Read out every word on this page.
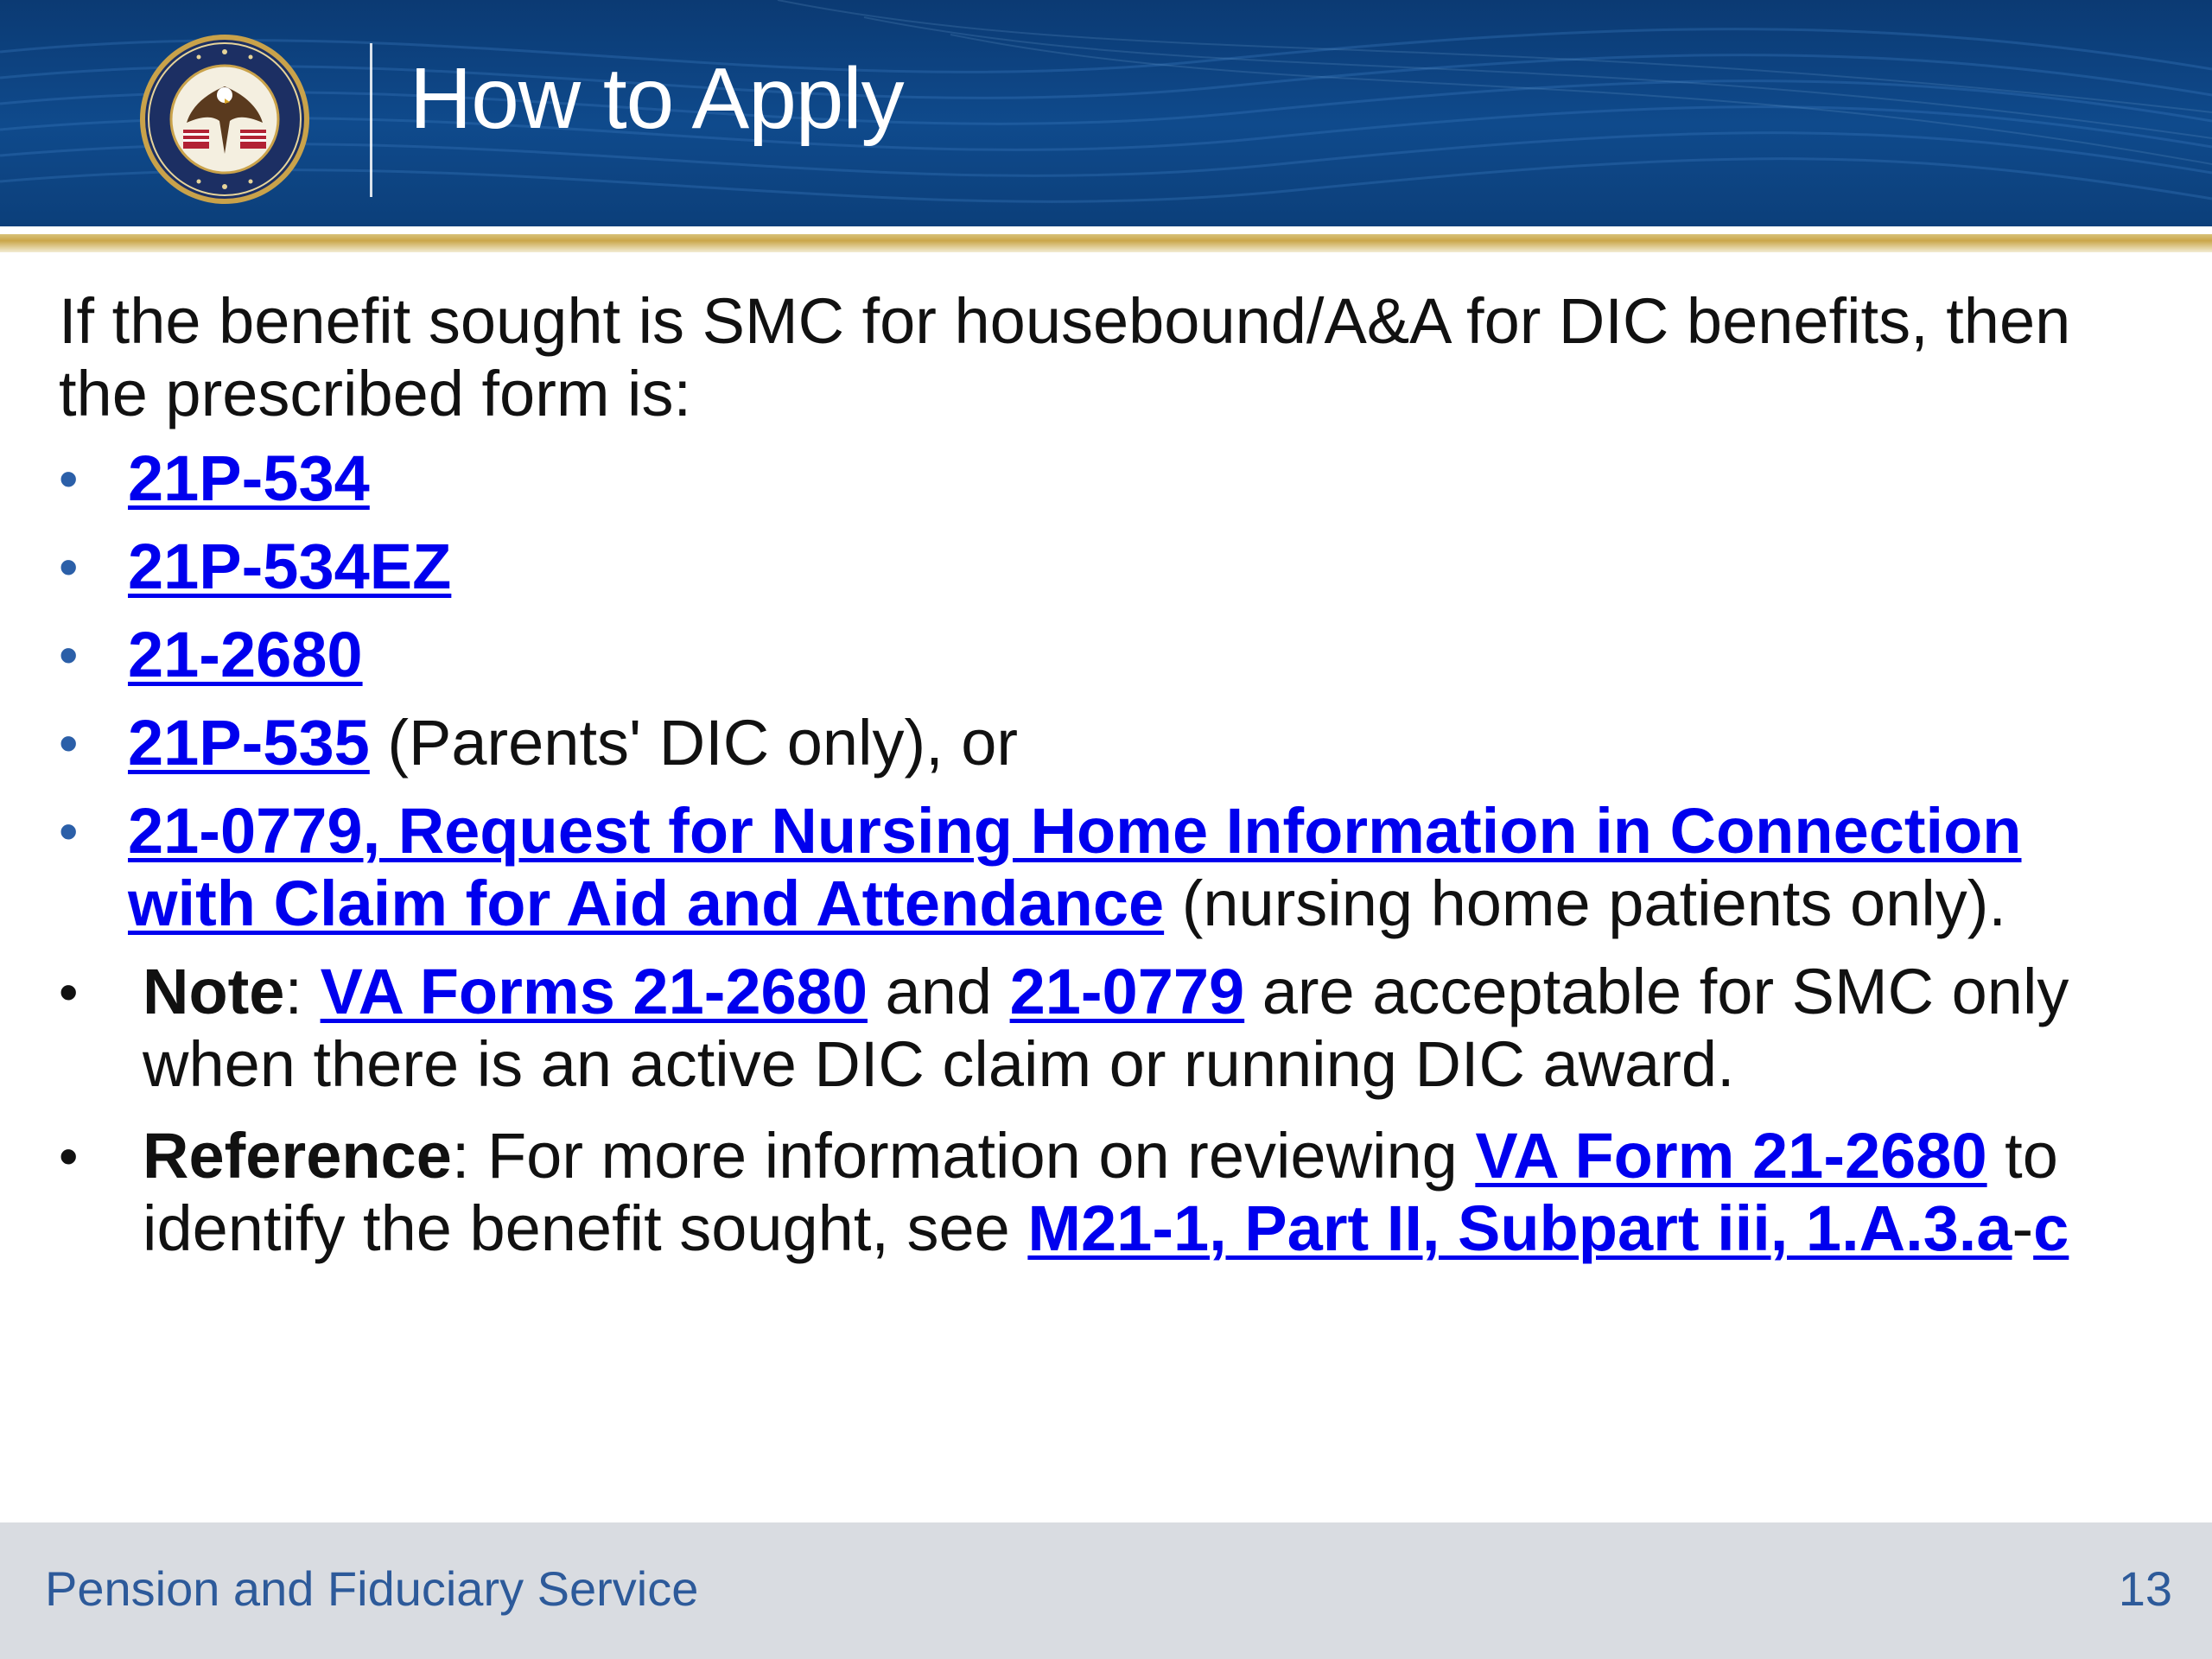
How to Apply

If the benefit sought is SMC for housebound/A&A for DIC benefits, then the prescribed form is:

• 21P-534
• 21P-534EZ
• 21-2680
• 21P-535 (Parents' DIC only), or
• 21-0779, Request for Nursing Home Information in Connection with Claim for Aid and Attendance (nursing home patients only).
• Note: VA Forms 21-2680 and 21-0779 are acceptable for SMC only when there is an active DIC claim or running DIC award.
• Reference: For more information on reviewing VA Form 21-2680 to identify the benefit sought, see M21-1, Part II, Subpart iii, 1.A.3.a-c
Pension and Fiduciary Service	13
